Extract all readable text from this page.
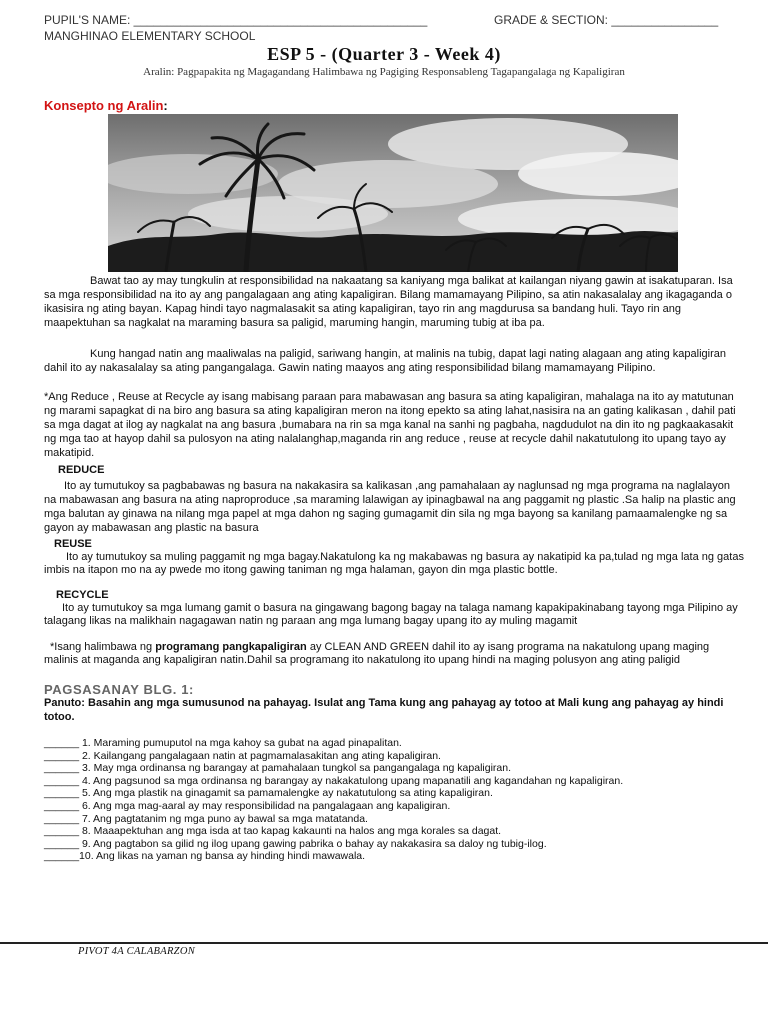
PUPIL'S NAME: ____________________________________________	GRADE & SECTION: ________________
MANGHINAO ELEMENTARY SCHOOL
ESP 5 - (Quarter 3 - Week 4)
Aralin: Pagpapakita ng Magagandang Halimbawa ng Pagiging Responsableng Tagapangalaga ng Kapaligiran
Konsepto ng Aralin:
Bawat tao ay may tungkulin at responsibilidad na nakaatang sa kaniyang mga balikat at kailangan niyang gawin at isakatuparan. Isa sa mga responsibilidad na ito ay ang pangalagaan ang ating kapaligiran. Bilang mamamayang Pilipino, sa atin nakasalalay ang ikagaganda o ikasisira ng ating bayan. Kapag hindi tayo nagmalasakit sa ating kapaligiran, tayo rin ang magdurusa sa bandang huli. Tayo rin ang maapektuhan sa nagkalat na maraming basura sa paligid, maruming hangin, maruming tubig at iba pa.
Kung hangad natin ang maaliwalas na paligid, sariwang hangin, at malinis na tubig, dapat lagi nating alagaan ang ating kapaligiran dahil ito ay nakasalalay sa ating pangangalaga. Gawin nating maayos ang ating responsibilidad bilang mamamayang Pilipino.
*Ang Reduce , Reuse at Recycle ay isang mabisang paraan para mabawasan ang basura sa ating kapaligiran, mahalaga na ito ay matutunan ng marami sapagkat di na biro ang basura sa ating kapaligiran meron na itong epekto sa ating lahat,nasisira na an gating kalikasan , dahil pati sa mga dagat at ilog ay nagkalat na ang basura ,bumabara na rin sa mga kanal na sanhi ng pagbaha, nagdudulot na din ito ng pagkaakasakit ng mga tao at hayop dahil sa pulosyon na ating nalalanghap,maganda rin ang reduce , reuse at recycle dahil nakatutulong ito upang tayo ay makatipid.
REDUCE
Ito ay tumutukoy sa pagbabawas ng basura na nakakasira sa kalikasan ,ang pamahalaan ay naglunsad ng mga programa na naglalayon na mabawasan ang basura na ating naproproduce ,sa maraming lalawigan ay ipinagbawal na ang paggamit ng plastic .Sa halip na plastic ang mga balutan ay ginawa na nilang mga papel at mga dahon ng saging gumagamit din sila ng mga bayong sa kanilang pamaamalengke ng sa gayon ay mabawasan ang plastic na basura
REUSE
Ito ay tumutukoy sa muling paggamit ng mga bagay.Nakatulong ka ng makabawas ng basura ay nakatipid ka pa,tulad ng mga lata ng gatas imbis na itapon mo na ay pwede mo itong gawing taniman ng mga halaman, gayon din mga plastic bottle.
RECYCLE
Ito ay tumutukoy sa mga lumang gamit o basura na gingawang bagong bagay na talaga namang kapakipakinabang tayong mga Pilipino ay talagang likas na malikhain nagagawan natin ng paraan ang mga lumang bagay upang ito ay muling magamit
*Isang halimbawa ng programang pangkapaligiran ay CLEAN AND GREEN dahil ito ay isang programa na nakatulong upang maging malinis at maganda ang kapaligiran natin.Dahil sa programang ito nakatulong ito upang hindi na maging polusyon ang ating paligid
PAGSASANAY BLG. 1:
Panuto: Basahin ang mga sumusunod na pahayag. Isulat ang Tama kung ang pahayag ay totoo at Mali kung ang pahayag ay hindi totoo.
______ 1. Maraming pumuputol na mga kahoy sa gubat na agad pinapalitan.
______ 2. Kailangang pangalagaan natin at pagmamalasakitan ang ating kapaligiran.
______ 3. May mga ordinansa ng barangay at pamahalaan tungkol sa pangangalaga ng kapaligiran.
______ 4. Ang pagsunod sa mga ordinansa ng barangay ay nakakatulong upang mapanatili ang kagandahan ng kapaligiran.
______ 5. Ang mga plastik na ginagamit sa pamamalengke ay nakatutulong sa ating kapaligiran.
______ 6. Ang mga mag-aaral ay may responsibilidad na pangalagaan ang kapaligiran.
______ 7. Ang pagtatanim ng mga puno ay bawal sa mga matatanda.
______ 8. Maaapektuhan ang mga isda at tao kapag kakaunti na halos ang mga korales sa dagat.
______ 9. Ang pagtabon sa gilid ng ilog upang gawing pabrika o bahay ay nakakasira sa daloy ng tubig-ilog.
______10. Ang likas na yaman ng bansa ay hinding hindi mawawala.
PIVOT 4A CALABARZON
